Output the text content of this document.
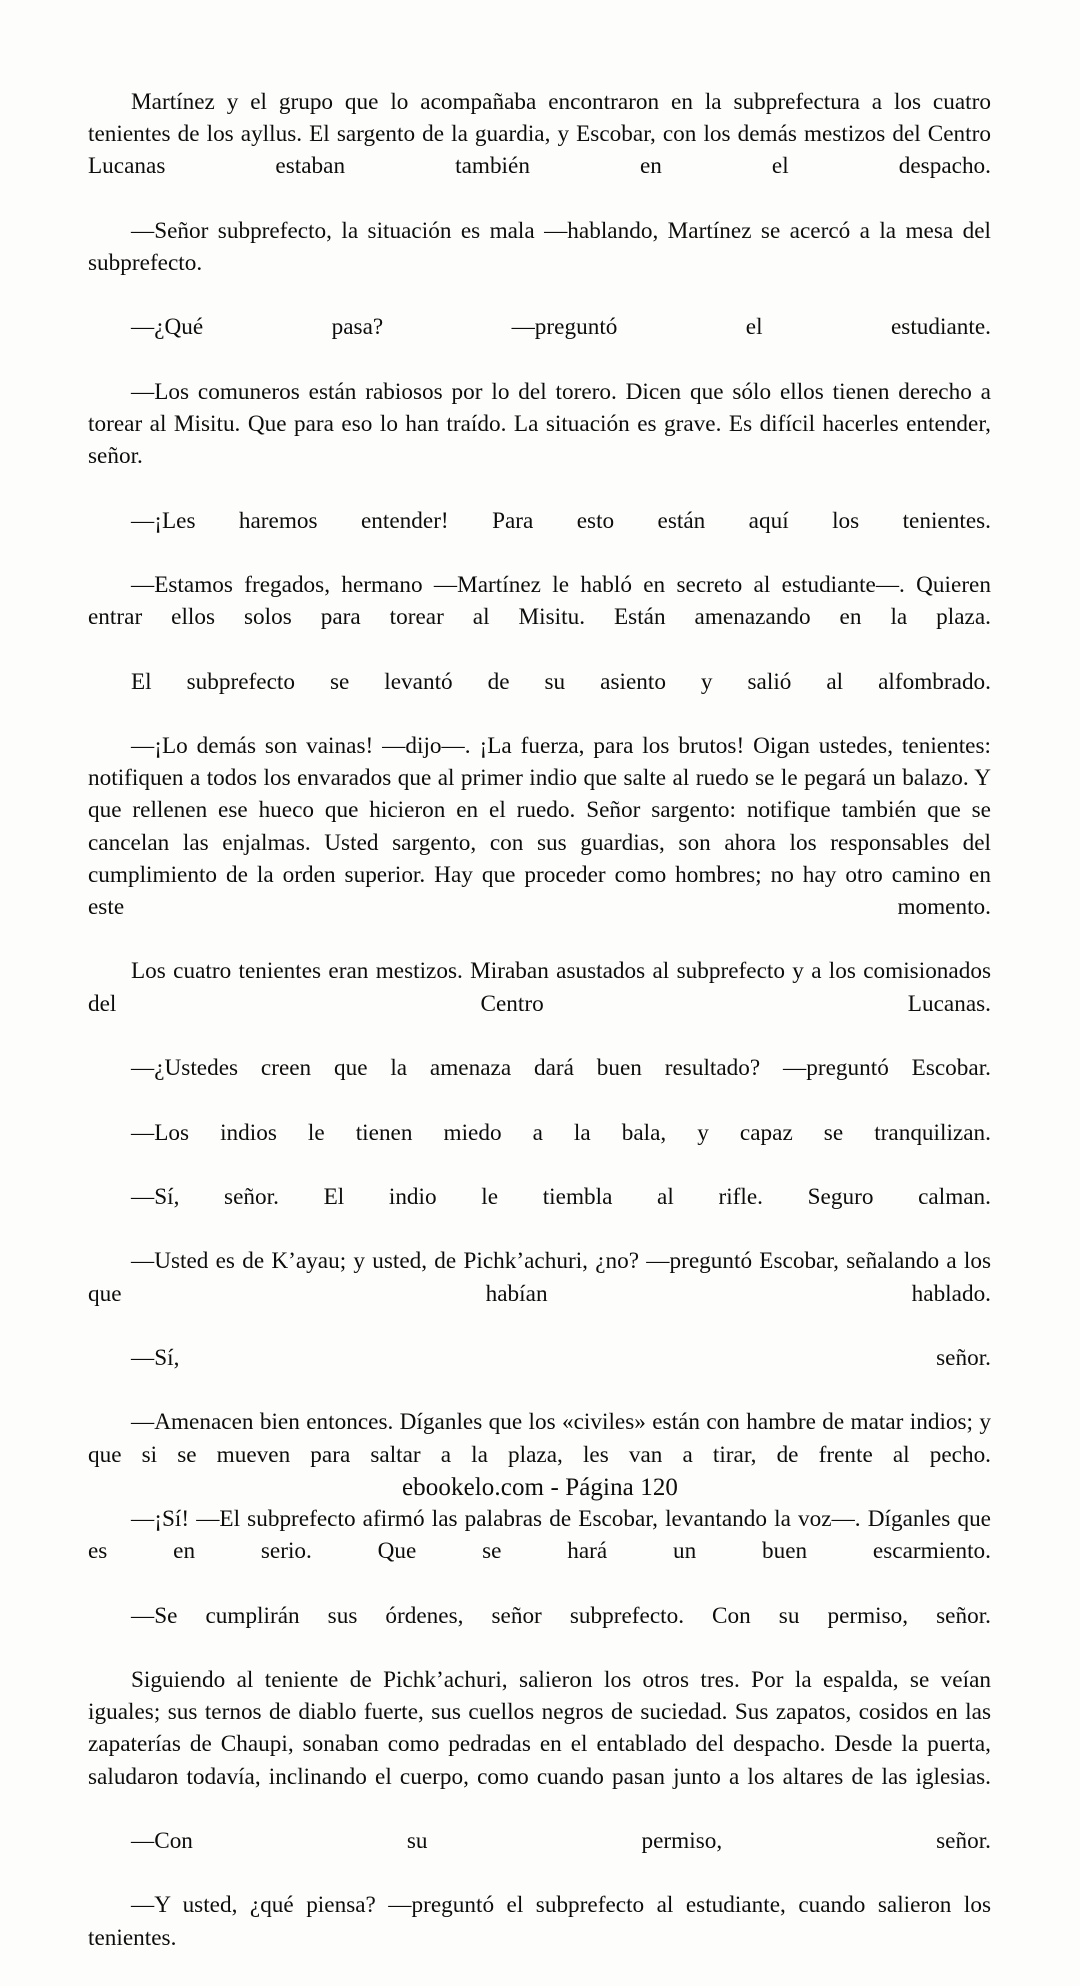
Martínez y el grupo que lo acompañaba encontraron en la subprefectura a los cuatro tenientes de los ayllus. El sargento de la guardia, y Escobar, con los demás mestizos del Centro Lucanas estaban también en el despacho.

—Señor subprefecto, la situación es mala —hablando, Martínez se acercó a la mesa del subprefecto.

—¿Qué pasa? —preguntó el estudiante.

—Los comuneros están rabiosos por lo del torero. Dicen que sólo ellos tienen derecho a torear al Misitu. Que para eso lo han traído. La situación es grave. Es difícil hacerles entender, señor.

—¡Les haremos entender! Para esto están aquí los tenientes.

—Estamos fregados, hermano —Martínez le habló en secreto al estudiante—. Quieren entrar ellos solos para torear al Misitu. Están amenazando en la plaza.

El subprefecto se levantó de su asiento y salió al alfombrado.

—¡Lo demás son vainas! —dijo—. ¡La fuerza, para los brutos! Oigan ustedes, tenientes: notifiquen a todos los envarados que al primer indio que salte al ruedo se le pegará un balazo. Y que rellenen ese hueco que hicieron en el ruedo. Señor sargento: notifique también que se cancelan las enjalmas. Usted sargento, con sus guardias, son ahora los responsables del cumplimiento de la orden superior. Hay que proceder como hombres; no hay otro camino en este momento.

Los cuatro tenientes eran mestizos. Miraban asustados al subprefecto y a los comisionados del Centro Lucanas.

—¿Ustedes creen que la amenaza dará buen resultado? —preguntó Escobar.

—Los indios le tienen miedo a la bala, y capaz se tranquilizan.

—Sí, señor. El indio le tiembla al rifle. Seguro calman.

—Usted es de K’ayau; y usted, de Pichk’achuri, ¿no? —preguntó Escobar, señalando a los que habían hablado.

—Sí, señor.

—Amenacen bien entonces. Díganles que los «civiles» están con hambre de matar indios; y que si se mueven para saltar a la plaza, les van a tirar, de frente al pecho.

—¡Sí! —El subprefecto afirmó las palabras de Escobar, levantando la voz—. Díganles que es en serio. Que se hará un buen escarmiento.

—Se cumplirán sus órdenes, señor subprefecto. Con su permiso, señor.

Siguiendo al teniente de Pichk’achuri, salieron los otros tres. Por la espalda, se veían iguales; sus ternos de diablo fuerte, sus cuellos negros de suciedad. Sus zapatos, cosidos en las zapaterías de Chaupi, sonaban como pedradas en el entablado del despacho. Desde la puerta, saludaron todavía, inclinando el cuerpo, como cuando pasan junto a los altares de las iglesias.

—Con su permiso, señor.

—Y usted, ¿qué piensa? —preguntó el subprefecto al estudiante, cuando salieron los tenientes.

ebookelo.com - Página 120
